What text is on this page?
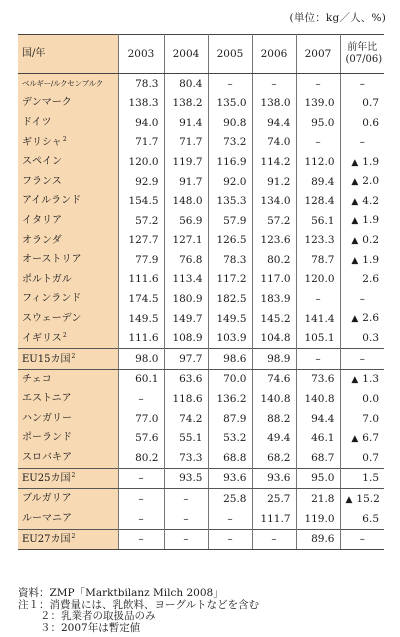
(単位：kg／人、%)
国/年	2003	2004	2005	2006	2007	前年比
(07/06)
ベルギー/ルクセンブルク	78.3	80.4	–	–	–	–
デンマーク	138.3	138.2	135.0	138.0	139.0	0.7
ドイツ	94.0	91.4	90.8	94.4	95.0	0.6
ギリシャ$^2$	71.7	71.7	73.2	74.0	–	–
スペイン	120.0	119.7	116.9	114.2	112.0	▲ 1.9
フランス	92.9	91.7	92.0	91.2	89.4	▲ 2.0
アイルランド	154.5	148.0	135.3	134.0	128.4	▲ 4.2
イタリア	57.2	56.9	57.9	57.2	56.1	▲ 1.9
オランダ	127.7	127.1	126.5	123.6	123.3	▲ 0.2
オーストリア	77.9	76.8	78.3	80.2	78.7	▲ 1.9
ポルトガル	111.6	113.4	117.2	117.0	120.0	2.6
フィンランド	174.5	180.9	182.5	183.9	–	–
スウェーデン	149.5	149.7	149.5	145.2	141.4	▲ 2.6
イギリス$^2$	111.6	108.9	103.9	104.8	105.1	0.3
EU15カ国$^2$	98.0	97.7	98.6	98.9	–	–
チェコ	60.1	63.6	70.0	74.6	73.6	▲ 1.3
エストニア	–	118.6	136.2	140.8	140.8	0.0
ハンガリー	77.0	74.2	87.9	88.2	94.4	7.0
ポーランド	57.6	55.1	53.2	49.4	46.1	▲ 6.7
スロバキア	80.2	73.3	68.8	68.2	68.7	0.7
EU25カ国$^2$	–	93.5	93.6	93.6	95.0	1.5
ブルガリア	–	–	25.8	25.7	21.8	▲ 15.2
ルーマニア	–	–	–	111.7	119.0	6.5
EU27カ国$^2$	–	–	–	–	89.6	–
資料：ZMP「Marktbilanz Milch 2008」
注１：消費量には、乳飲料、ヨーグルトなどを含む
２：乳業者の取扱品のみ
３：2007年は暫定値
